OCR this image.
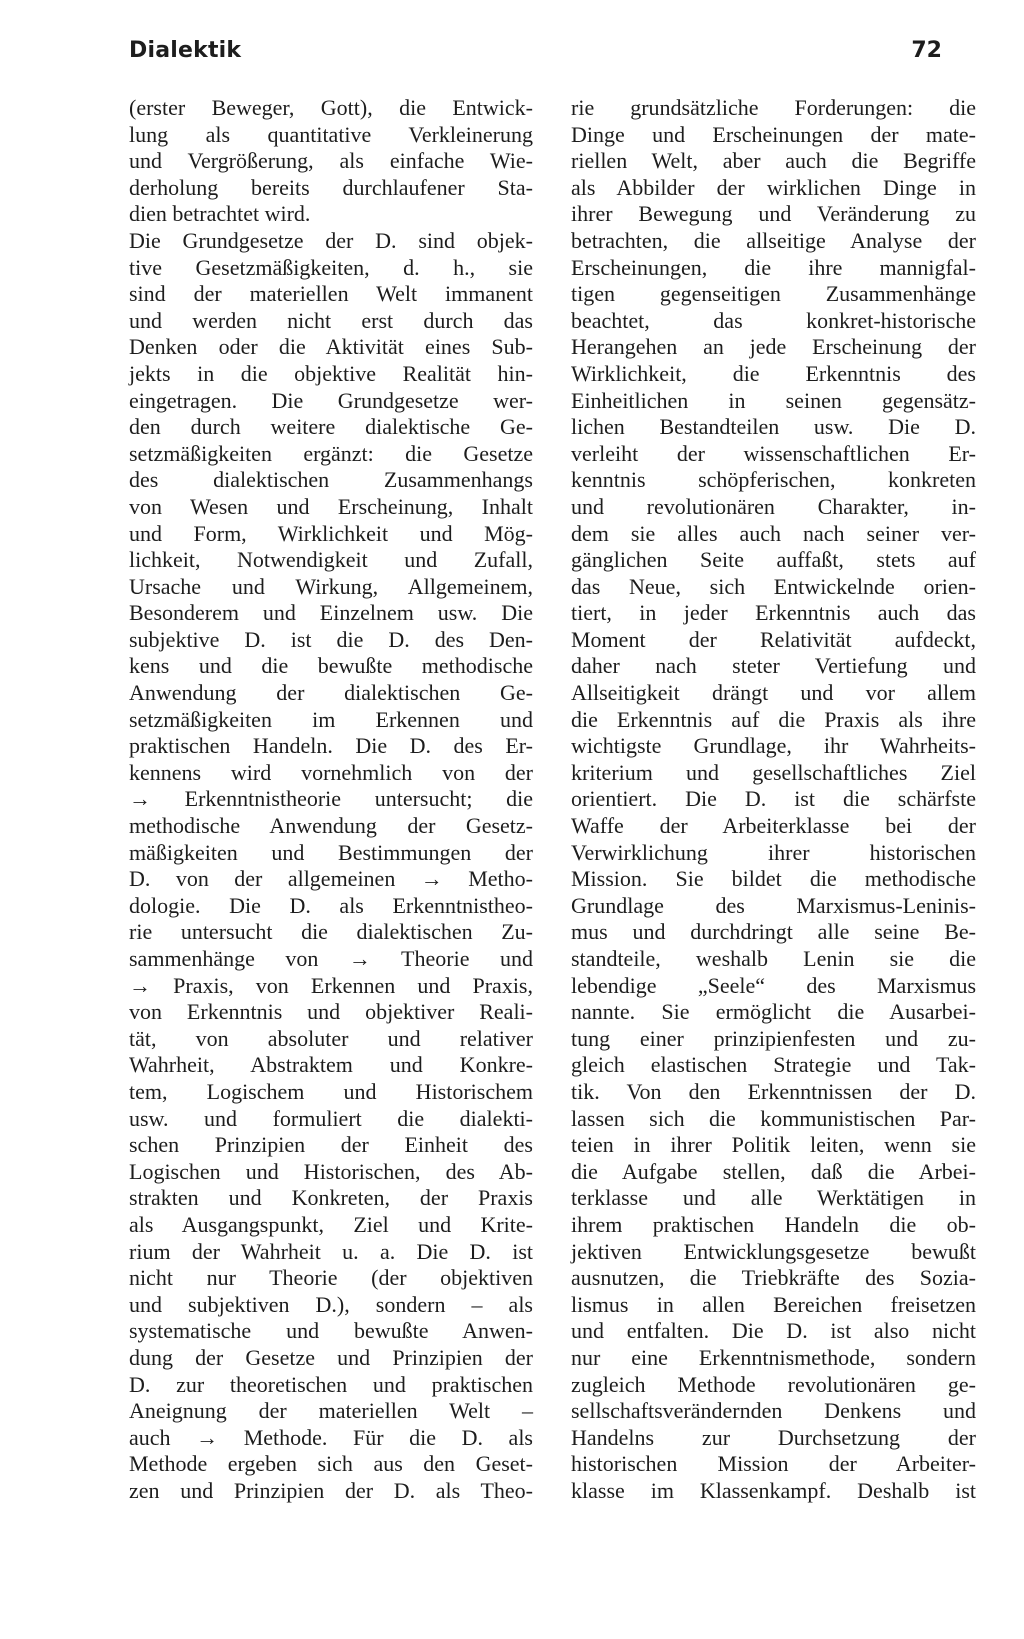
Dialektik	72
(erster Beweger, Gott), die Entwick-
lung als quantitative Verkleinerung
und Vergrößerung, als einfache Wie-
derholung bereits durchlaufener Sta-
dien betrachtet wird.
Die Grundgesetze der D. sind objek-
tive Gesetzmäßigkeiten, d. h., sie
sind der materiellen Welt immanent
und werden nicht erst durch das
Denken oder die Aktivität eines Sub-
jekts in die objektive Realität hin-
eingetragen. Die Grundgesetze wer-
den durch weitere dialektische Ge-
setzmäßigkeiten ergänzt: die Gesetze
des dialektischen Zusammenhangs
von Wesen und Erscheinung, Inhalt
und Form, Wirklichkeit und Mög-
lichkeit, Notwendigkeit und Zufall,
Ursache und Wirkung, Allgemeinem,
Besonderem und Einzelnem usw. Die
subjektive D. ist die D. des Den-
kens und die bewußte methodische
Anwendung der dialektischen Ge-
setzmäßigkeiten im Erkennen und
praktischen Handeln. Die D. des Er-
kennens wird vornehmlich von der
→ Erkenntnistheorie untersucht; die
methodische Anwendung der Gesetz-
mäßigkeiten und Bestimmungen der
D. von der allgemeinen → Metho-
dologie. Die D. als Erkenntnistheo-
rie untersucht die dialektischen Zu-
sammenhänge von → Theorie und
→ Praxis, von Erkennen und Praxis,
von Erkenntnis und objektiver Reali-
tät, von absoluter und relativer
Wahrheit, Abstraktem und Konkre-
tem, Logischem und Historischem
usw. und formuliert die dialekti-
schen Prinzipien der Einheit des
Logischen und Historischen, des Ab-
strakten und Konkreten, der Praxis
als Ausgangspunkt, Ziel und Krite-
rium der Wahrheit u. a. Die D. ist
nicht nur Theorie (der objektiven
und subjektiven D.), sondern – als
systematische und bewußte Anwen-
dung der Gesetze und Prinzipien der
D. zur theoretischen und praktischen
Aneignung der materiellen Welt –
auch → Methode. Für die D. als
Methode ergeben sich aus den Geset-
zen und Prinzipien der D. als Theo-
rie grundsätzliche Forderungen: die
Dinge und Erscheinungen der mate-
riellen Welt, aber auch die Begriffe
als Abbilder der wirklichen Dinge in
ihrer Bewegung und Veränderung zu
betrachten, die allseitige Analyse der
Erscheinungen, die ihre mannigfal-
tigen gegenseitigen Zusammenhänge
beachtet, das konkret-historische
Herangehen an jede Erscheinung der
Wirklichkeit, die Erkenntnis des
Einheitlichen in seinen gegensätz-
lichen Bestandteilen usw. Die D.
verleiht der wissenschaftlichen Er-
kenntnis schöpferischen, konkreten
und revolutionären Charakter, in-
dem sie alles auch nach seiner ver-
gänglichen Seite auffaßt, stets auf
das Neue, sich Entwickelnde orien-
tiert, in jeder Erkenntnis auch das
Moment der Relativität aufdeckt,
daher nach steter Vertiefung und
Allseitigkeit drängt und vor allem
die Erkenntnis auf die Praxis als ihre
wichtigste Grundlage, ihr Wahrheits-
kriterium und gesellschaftliches Ziel
orientiert. Die D. ist die schärfste
Waffe der Arbeiterklasse bei der
Verwirklichung ihrer historischen
Mission. Sie bildet die methodische
Grundlage des Marxismus-Leninis-
mus und durchdringt alle seine Be-
standteile, weshalb Lenin sie die
lebendige „Seele“ des Marxismus
nannte. Sie ermöglicht die Ausarbei-
tung einer prinzipienfesten und zu-
gleich elastischen Strategie und Tak-
tik. Von den Erkenntnissen der D.
lassen sich die kommunistischen Par-
teien in ihrer Politik leiten, wenn sie
die Aufgabe stellen, daß die Arbei-
terklasse und alle Werktätigen in
ihrem praktischen Handeln die ob-
jektiven Entwicklungsgesetze bewußt
ausnutzen, die Triebkräfte des Sozia-
lismus in allen Bereichen freisetzen
und entfalten. Die D. ist also nicht
nur eine Erkenntnismethode, sondern
zugleich Methode revolutionären ge-
sellschaftsverändernden Denkens und
Handelns zur Durchsetzung der
historischen Mission der Arbeiter-
klasse im Klassenkampf. Deshalb ist
